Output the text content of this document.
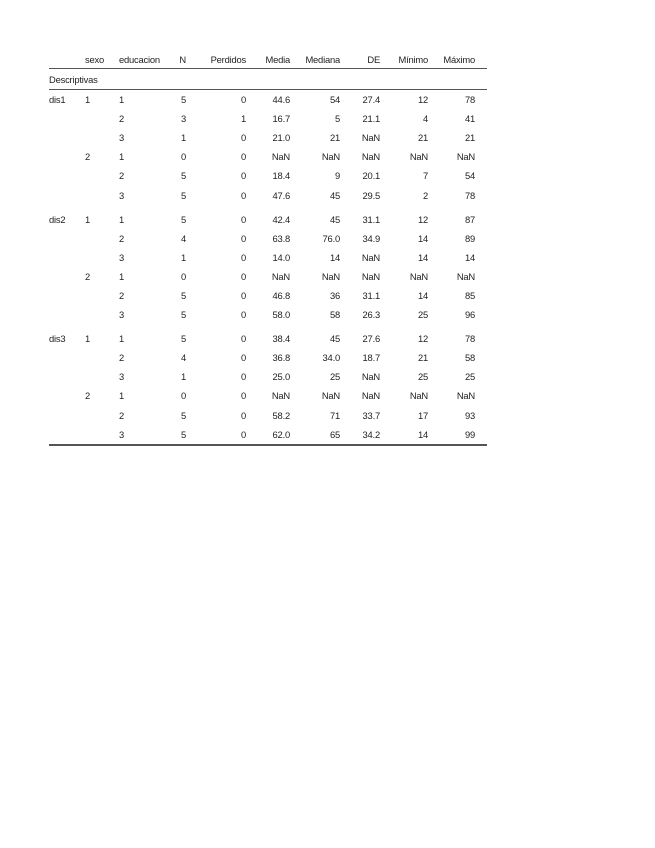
	sexo	educacion	N	Perdidos	Media	Mediana	DE	Mínimo	Máximo	
Descriptivas										
dis1	1	1	5	0	44.6	54	27.4	12	78	
		2	3	1	16.7	5	21.1	4	41	
		3	1	0	21.0	21	NaN	21	21	
	2	1	0	0	NaN	NaN	NaN	NaN	NaN	
		2	5	0	18.4	9	20.1	7	54	
		3	5	0	47.6	45	29.5	2	78	

dis2	1	1	5	0	42.4	45	31.1	12	87	
		2	4	0	63.8	76.0	34.9	14	89	
		3	1	0	14.0	14	NaN	14	14	
	2	1	0	0	NaN	NaN	NaN	NaN	NaN	
		2	5	0	46.8	36	31.1	14	85	
		3	5	0	58.0	58	26.3	25	96	

dis3	1	1	5	0	38.4	45	27.6	12	78	
		2	4	0	36.8	34.0	18.7	21	58	
		3	1	0	25.0	25	NaN	25	25	
	2	1	0	0	NaN	NaN	NaN	NaN	NaN	
		2	5	0	58.2	71	33.7	17	93	
		3	5	0	62.0	65	34.2	14	99	
